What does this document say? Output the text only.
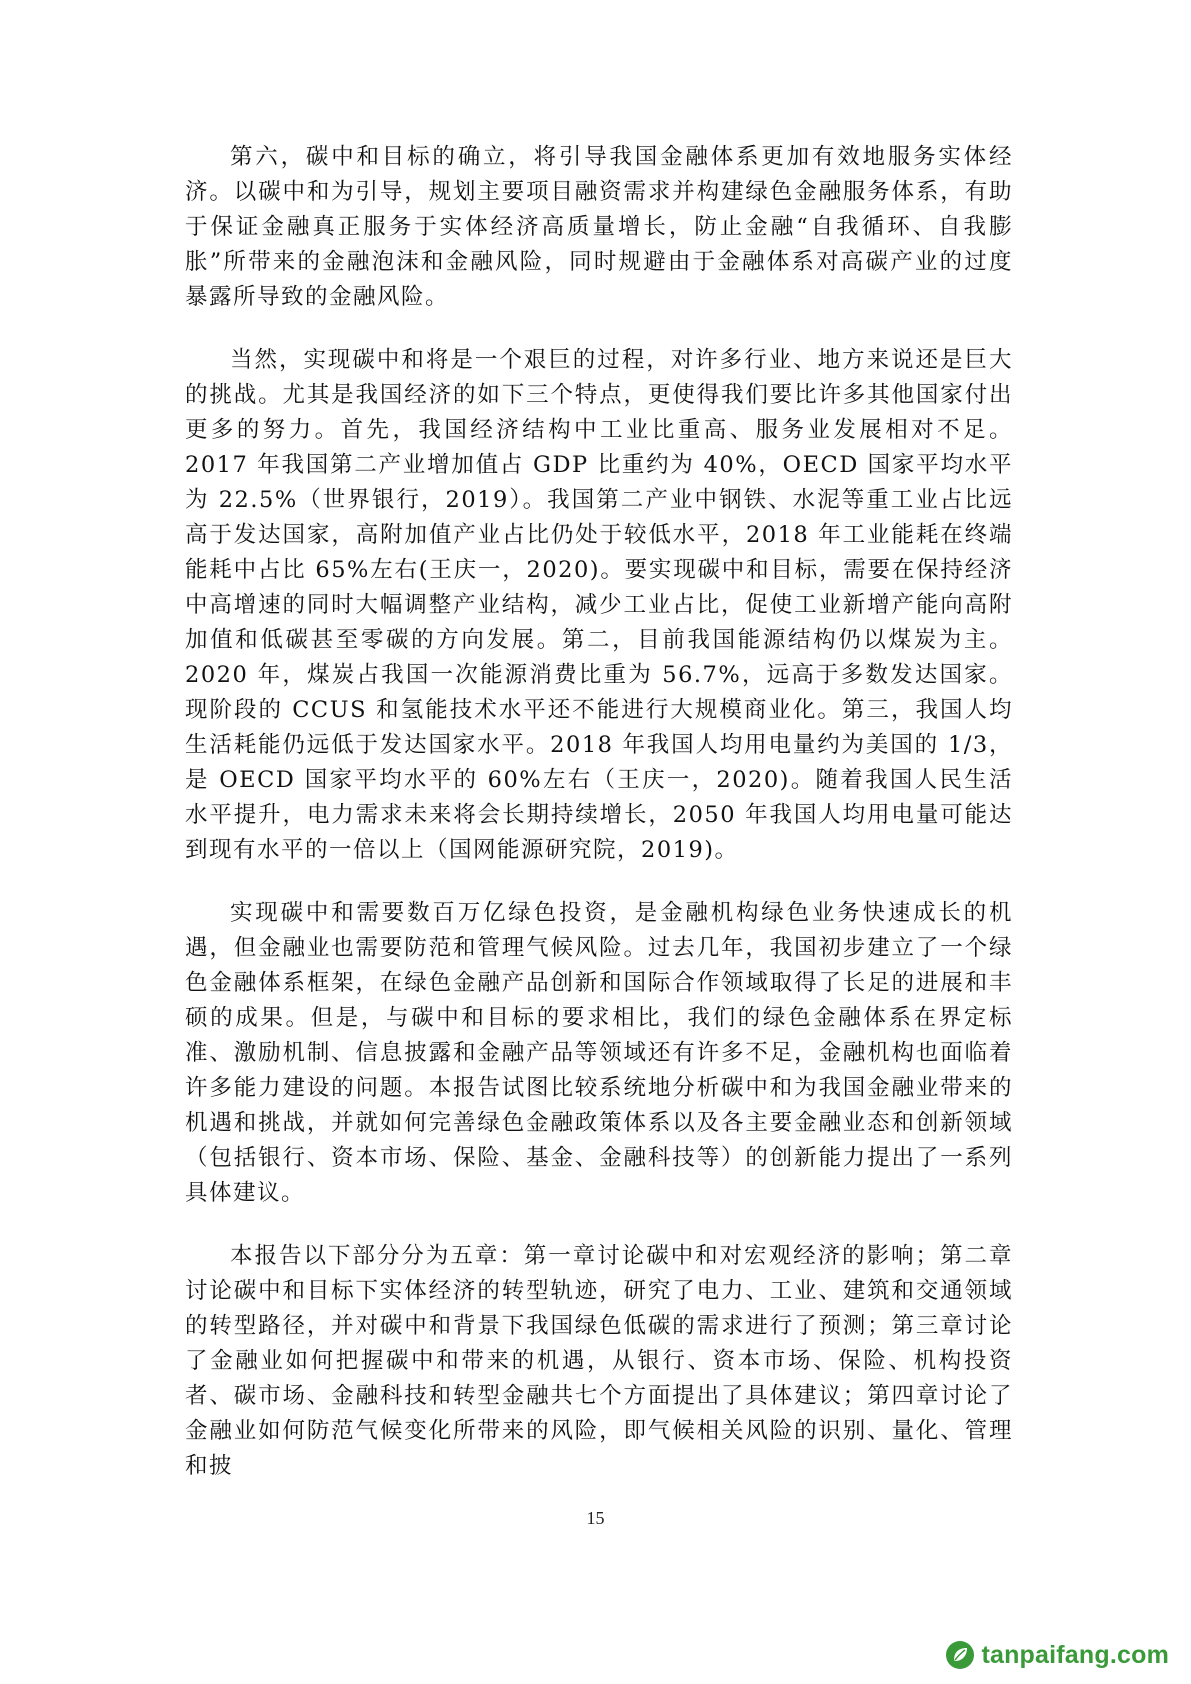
第六，碳中和目标的确立，将引导我国金融体系更加有效地服务实体经济。以碳中和为引导，规划主要项目融资需求并构建绿色金融服务体系，有助于保证金融真正服务于实体经济高质量增长，防止金融“自我循环、自我膨胀”所带来的金融泡沫和金融风险，同时规避由于金融体系对高碳产业的过度暴露所导致的金融风险。

当然，实现碳中和将是一个艰巨的过程，对许多行业、地方来说还是巨大的挑战。尤其是我国经济的如下三个特点，更使得我们要比许多其他国家付出更多的努力。首先，我国经济结构中工业比重高、服务业发展相对不足。2017 年我国第二产业增加值占 GDP 比重约为 40%，OECD 国家平均水平为 22.5%（世界银行，2019）。我国第二产业中钢铁、水泥等重工业占比远高于发达国家，高附加值产业占比仍处于较低水平，2018 年工业能耗在终端能耗中占比 65%左右(王庆一，2020)。要实现碳中和目标，需要在保持经济中高增速的同时大幅调整产业结构，减少工业占比，促使工业新增产能向高附加值和低碳甚至零碳的方向发展。第二，目前我国能源结构仍以煤炭为主。2020 年，煤炭占我国一次能源消费比重为 56.7%，远高于多数发达国家。现阶段的 CCUS 和氢能技术水平还不能进行大规模商业化。第三，我国人均生活耗能仍远低于发达国家水平。2018 年我国人均用电量约为美国的 1/3，是 OECD 国家平均水平的 60%左右（王庆一，2020)。随着我国人民生活水平提升，电力需求未来将会长期持续增长，2050 年我国人均用电量可能达到现有水平的一倍以上（国网能源研究院，2019)。

实现碳中和需要数百万亿绿色投资，是金融机构绿色业务快速成长的机遇，但金融业也需要防范和管理气候风险。过去几年，我国初步建立了一个绿色金融体系框架，在绿色金融产品创新和国际合作领域取得了长足的进展和丰硕的成果。但是，与碳中和目标的要求相比，我们的绿色金融体系在界定标准、激励机制、信息披露和金融产品等领域还有许多不足，金融机构也面临着许多能力建设的问题。本报告试图比较系统地分析碳中和为我国金融业带来的机遇和挑战，并就如何完善绿色金融政策体系以及各主要金融业态和创新领域（包括银行、资本市场、保险、基金、金融科技等）的创新能力提出了一系列具体建议。

本报告以下部分分为五章：第一章讨论碳中和对宏观经济的影响；第二章讨论碳中和目标下实体经济的转型轨迹，研究了电力、工业、建筑和交通领域的转型路径，并对碳中和背景下我国绿色低碳的需求进行了预测；第三章讨论了金融业如何把握碳中和带来的机遇，从银行、资本市场、保险、机构投资者、碳市场、金融科技和转型金融共七个方面提出了具体建议；第四章讨论了金融业如何防范气候变化所带来的风险，即气候相关风险的识别、量化、管理和披

15
tanpaifang.com
